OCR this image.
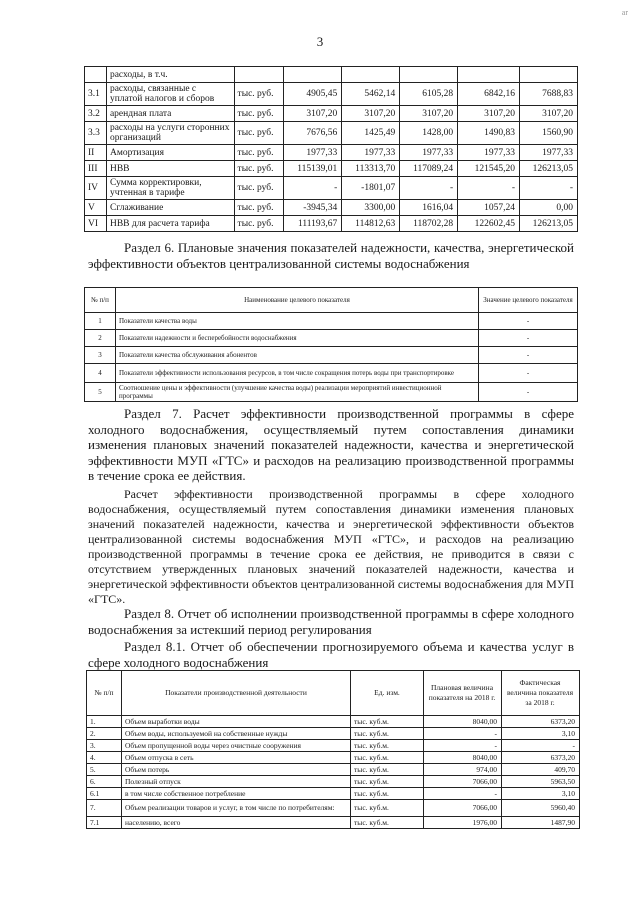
3
ar
	расходы, в т.ч.						
3.1	расходы, связанные с уплатой налогов и сборов	тыс. руб.	4905,45	5462,14	6105,28	6842,16	7688,83
3.2	арендная плата	тыс. руб.	3107,20	3107,20	3107,20	3107,20	3107,20
3.3	расходы на услуги сторонних организаций	тыс. руб.	7676,56	1425,49	1428,00	1490,83	1560,90
II	Амортизация	тыс. руб.	1977,33	1977,33	1977,33	1977,33	1977,33
III	НВВ	тыс. руб.	115139,01	113313,70	117089,24	121545,20	126213,05
IV	Сумма корректировки, учтенная в тарифе	тыс. руб.	-	-1801,07	-	-	-
V	Сглаживание	тыс. руб.	-3945,34	3300,00	1616,04	1057,24	0,00
VI	НВВ для расчета тарифа	тыс. руб.	111193,67	114812,63	118702,28	122602,45	126213,05

Раздел 6. Плановые значения показателей надежности, качества, энергетической эффективности объектов централизованной системы водоснабжения

№ п/п	Наименование целевого показателя	Значение целевого показателя
1	Показатели качества воды	-
2	Показатели надежности и бесперебойности водоснабжения	-
3	Показатели качества обслуживания абонентов	-
4	Показатели эффективности использования ресурсов, в том числе сокращения потерь воды при транспортировке	-
5	Соотношение цены и эффективности (улучшение качества воды) реализации мероприятий инвестиционной программы	-

Раздел 7. Расчет эффективности производственной программы в сфере холодного водоснабжения, осуществляемый путем сопоставления динамики изменения плановых значений показателей надежности, качества и энергетической эффективности МУП «ГТС» и расходов на реализацию производственной программы в течение срока ее действия.

Расчет эффективности производственной программы в сфере холодного водоснабжения, осуществляемый путем сопоставления динамики изменения плановых значений показателей надежности, качества и энергетической эффективности объектов централизованной системы водоснабжения МУП «ГТС», и расходов на реализацию производственной программы в течение срока ее действия, не приводится в связи с отсутствием утвержденных плановых значений показателей надежности, качества и энергетической эффективности объектов централизованной системы водоснабжения для МУП «ГТС».

Раздел 8. Отчет об исполнении производственной программы в сфере холодного водоснабжения за истекший период регулирования

Раздел 8.1. Отчет об обеспечении прогнозируемого объема и качества услуг в сфере холодного водоснабжения

№ п/п	Показатели производственной деятельности	Ед. изм.	Плановая величина показателя на 2018 г.	Фактическая величина показателя за 2018 г.
1.	Объем выработки воды	тыс. куб.м.	8040,00	6373,20
2.	Объем воды, используемой на собственные нужды	тыс. куб.м.	-	3,10
3.	Объем пропущенной воды через очистные сооружения	тыс. куб.м.	-	-
4.	Объем отпуска в сеть	тыс. куб.м.	8040,00	6373,20
5.	Объем потерь	тыс. куб.м.	974,00	409,70
6.	Полезный отпуск	тыс. куб.м.	7066,00	5963,50
6.1	в том числе собственное потребление	тыс. куб.м.	-	3,10
7.	Объем реализации товаров и услуг, в том числе по потребителям:	тыс. куб.м.	7066,00	5960,40
7.1	населению, всего	тыс. куб.м.	1976,00	1487,90
